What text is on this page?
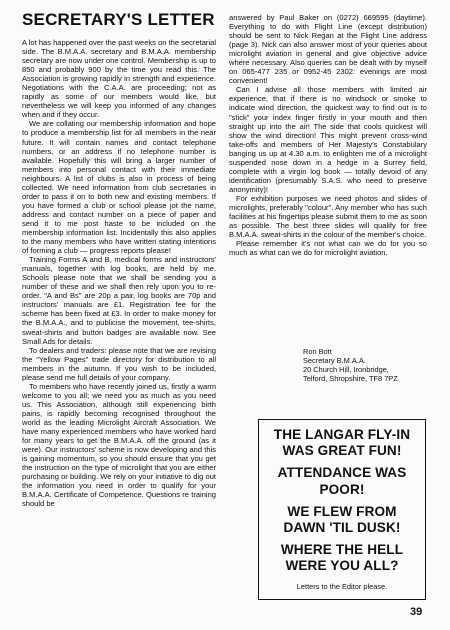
SECRETARY'S LETTER

A lot has happened over the past weeks on the secretarial side. The B.M.A.A. secretary and B.M.A.A. membership secretary are now under one control. Membership is up to 850 and probably 900 by the time you read this. The Association is growing rapidly in strength and experience. Negotiations with the C.A.A. are proceeding; not as rapidly as some of our members would like, but nevertheless we will keep you informed of any changes when and if they occur.

We are collating our membership information and hope to produce a membership list for all members in the near future. It will contain names and contact telephone numbers, or an address if no telephone number is available. Hopefully this will bring a larger number of members into personal contact with their immediate neighbours. A list of clubs is also in process of being collected. We need information from club secretaries in order to pass it on to both new and existing members. If you have formed a club or school please jot the name, address and contact number on a piece of paper and send it to me post haste to be included on the membership information list. Incidentally this also applies to the many members who have written stating intentions of forming a club — progress reports please!

Training Forms A and B, medical forms and instructors' manuals, together with log books, are held by me. Schools please note that we shall be sending you a number of these and we shall then rely upon you to re-order. "A and Bs" are 20p a pair, log books are 70p and instructors' manuals are £1. Registration fee for the scheme has been fixed at £3. In order to make money for the B.M.A.A., and to publicise the movement, tee-shirts, sweat-shirts and button badges are available now. See Small Ads for details.

To dealers and traders: please note that we are revising the "Yellow Pages" trade directory for distribution to all members in the autumn. If you wish to be included, please send me full details of your company.

To members who have recently joined us, firstly a warm welcome to you all; we need you as much as you need us. This Association, although still experiencing birth pains, is rapidly becoming recognised throughout the world as the leading Microlight Aircraft Association. We have many experienced members who have worked hard for many years to get the B.M.A.A. off the ground (as it were). Our instructors' scheme is now developing and this is gaining momentum, so you should ensure that you get the instruction on the type of microlight that you are either purchasing or building. We rely on your initiative to dig out the information you need in order to qualify for your B.M.A.A. Certificate of Competence. Questions re training should be

answered by Paul Baker on (0272) 669595 (daytime). Everything to do with Flight Line (except distribution) should be sent to Nick Regan at the Flight Line address (page 3). Nick can also answer most of your queries about microlight aviation in general and give objective advice where necessary. Also queries can be dealt with by myself on 065-477 235 or 0952-45 2302: evenings are most convenient!

Can I advise all those members with limited air experience, that if there is no windsock or smoke to indicate wind direction, the quickest way to find out is to "stick" your index finger firstly in your mouth and then straight up into the air! The side that cools quickest will show the wind direction! This might prevent cross-wind take-offs and members of Her Majesty's Constabulary banging us up at 4.30 a.m. to enlighten me of a microlight suspended nose down in a hedge in a Surrey field, complete with a virgin log book — totally devoid of any identification (presumably S.A.S. who need to preserve anonymity)!

For exhibition purposes we need photos and slides of microlights, preferably "colour". Any member who has such facilities at his fingertips please submit them to me as soon as possible. The best three slides will qualify for free B.M.A.A. sweat-shirts in the colour of the member's choice.

Please remember it's not what can we do for you so much as what can we do for microlight aviation.

Ron Bott
Secretary B.M.A.A.
20 Church Hill, Ironbridge,
Telford, Shropshire, TF8 7PZ
THE LANGAR FLY-IN
WAS GREAT FUN!
ATTENDANCE WAS
POOR!
WE FLEW FROM
DAWN 'TIL DUSK!
WHERE THE HELL
WERE YOU ALL?
Letters to the Editor please.
39
